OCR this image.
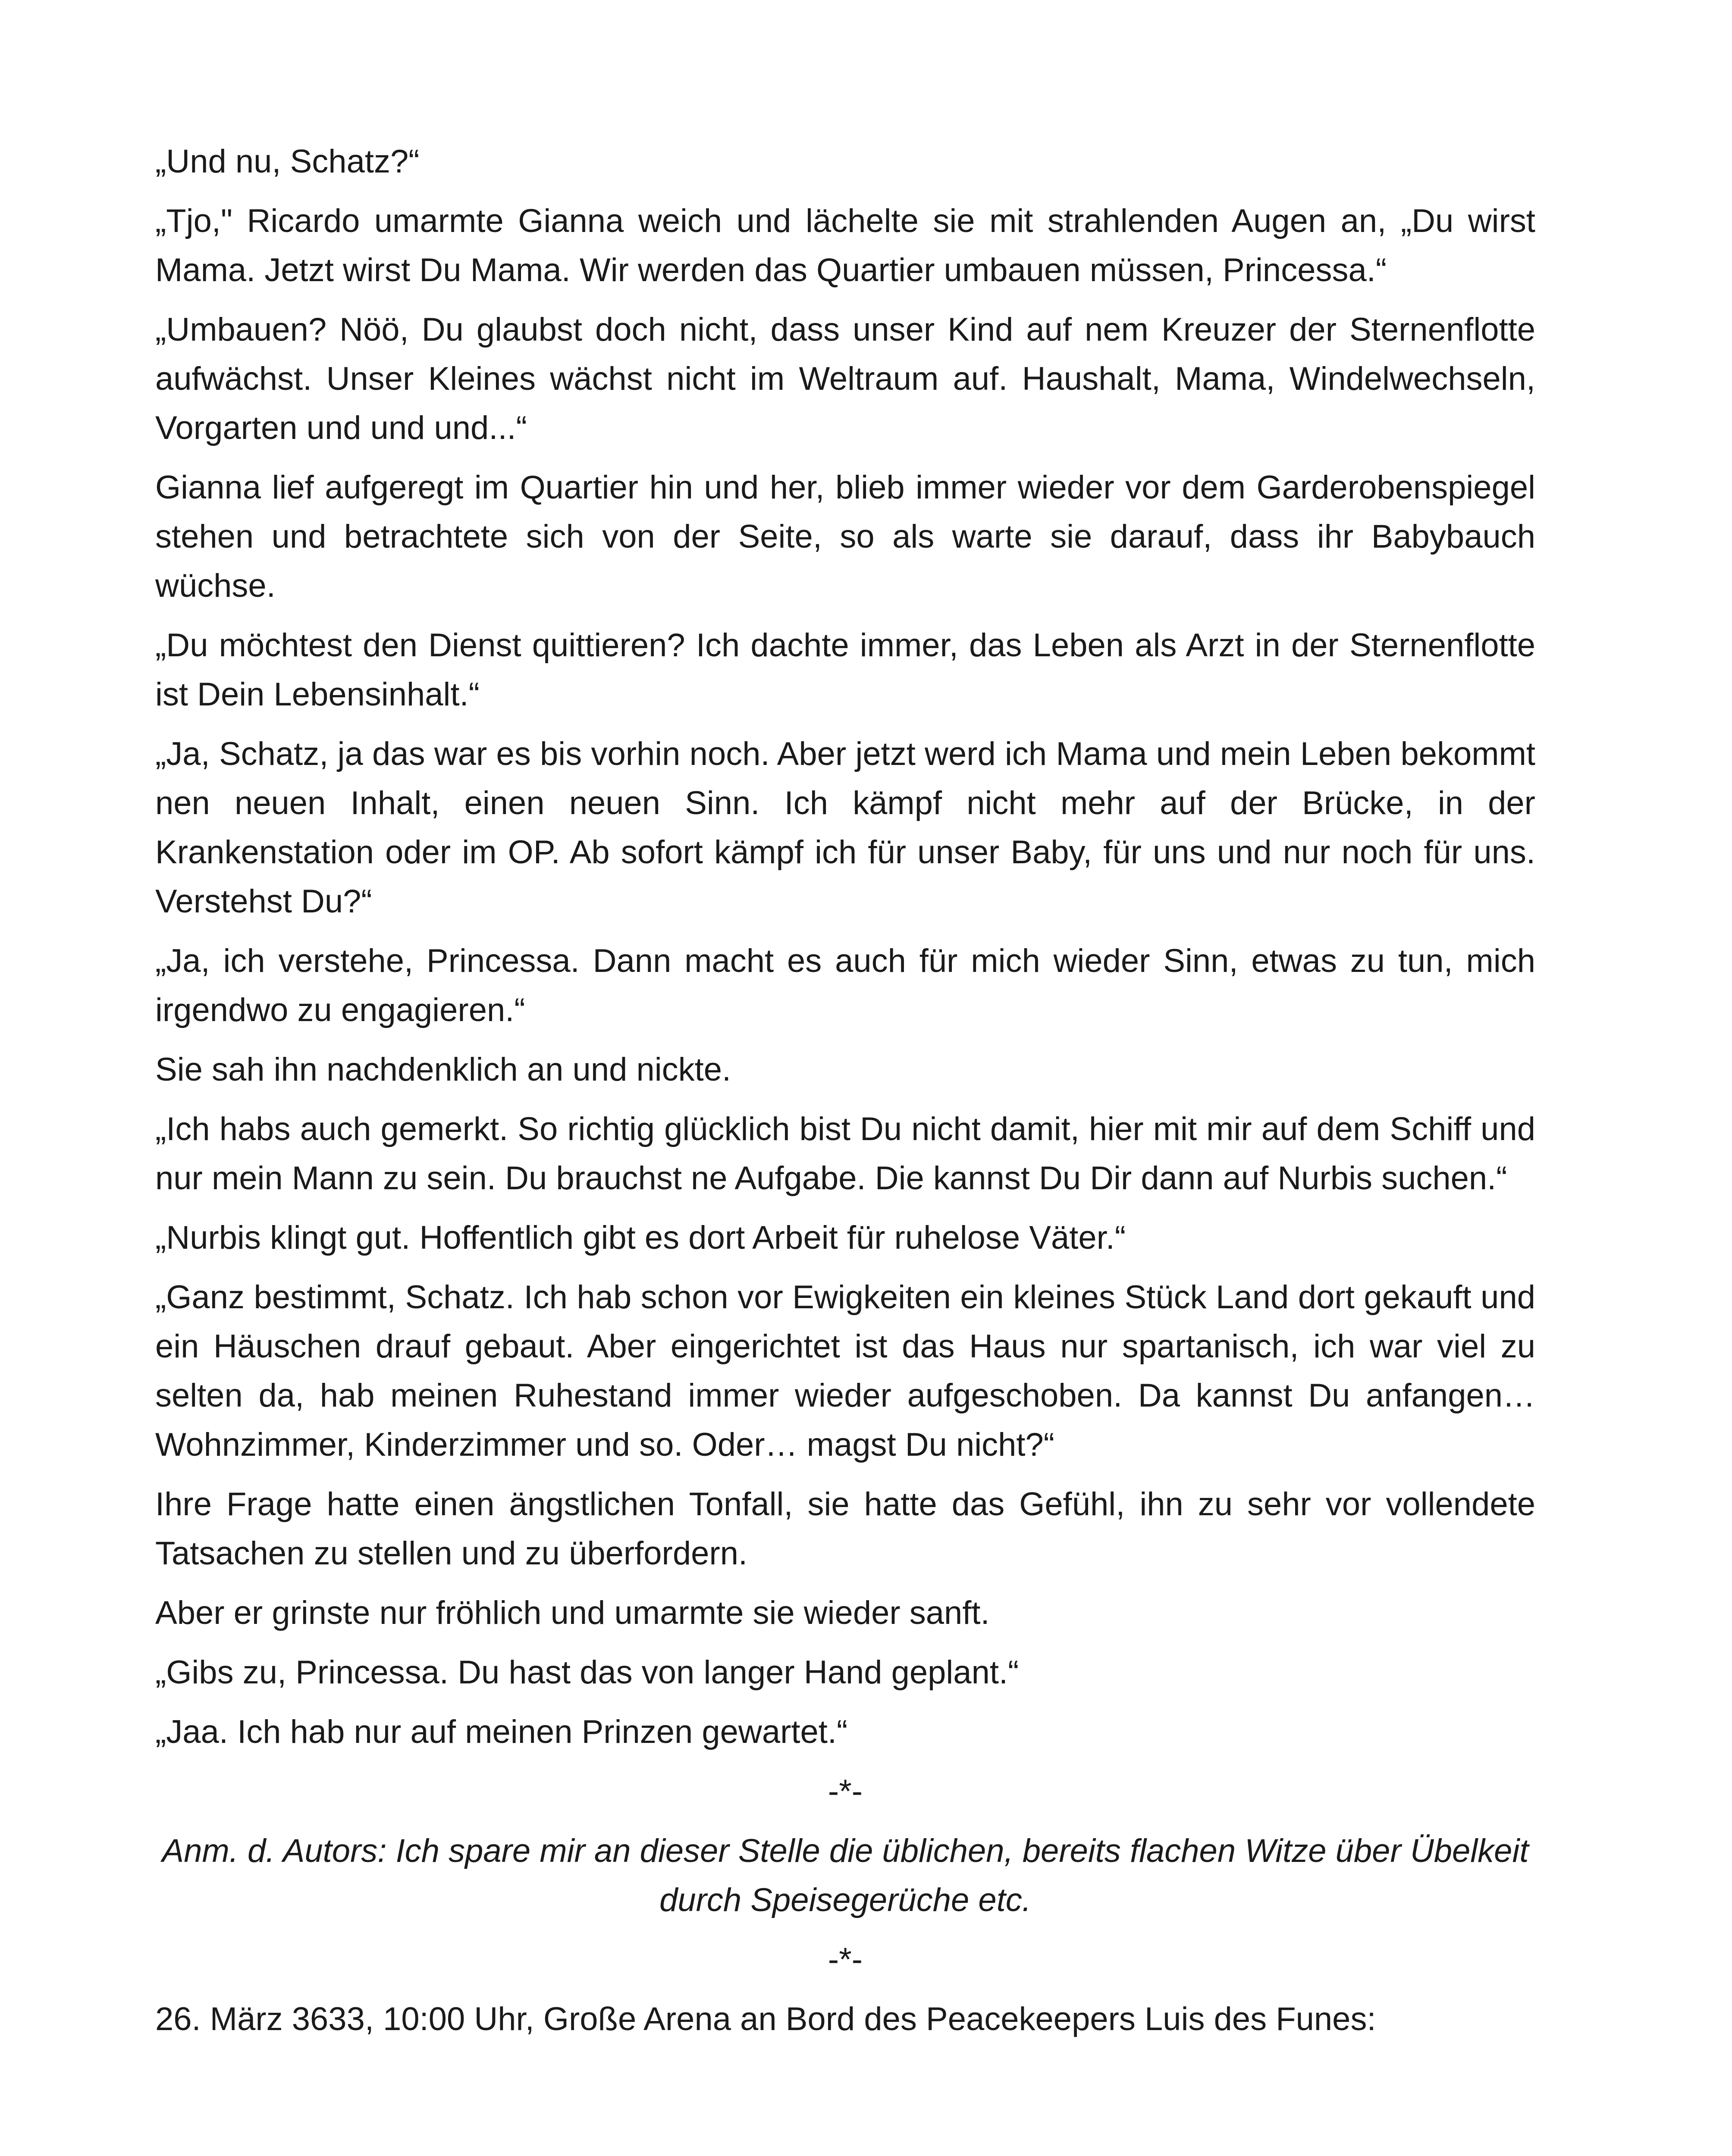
„Und nu, Schatz?“

„Tjo," Ricardo umarmte Gianna weich und lächelte sie mit strahlenden Augen an, „Du wirst Mama. Jetzt wirst Du Mama. Wir werden das Quartier umbauen müssen, Princessa.“

„Umbauen? Nöö, Du glaubst doch nicht, dass unser Kind auf nem Kreuzer der Sternenflotte aufwächst. Unser Kleines wächst nicht im Weltraum auf. Haushalt, Mama, Windelwechseln, Vorgarten und und und...“

Gianna lief aufgeregt im Quartier hin und her, blieb immer wieder vor dem Garderobenspiegel stehen und betrachtete sich von der Seite, so als warte sie darauf, dass ihr Babybauch wüchse.

„Du möchtest den Dienst quittieren? Ich dachte immer, das Leben als Arzt in der Sternenflotte ist Dein Lebensinhalt.“

„Ja, Schatz, ja das war es bis vorhin noch. Aber jetzt werd ich Mama und mein Leben bekommt nen neuen Inhalt, einen neuen Sinn. Ich kämpf nicht mehr auf der Brücke, in der Krankenstation oder im OP. Ab sofort kämpf ich für unser Baby, für uns und nur noch für uns. Verstehst Du?“

„Ja, ich verstehe, Princessa. Dann macht es auch für mich wieder Sinn, etwas zu tun, mich irgendwo zu engagieren.“

Sie sah ihn nachdenklich an und nickte.

„Ich habs auch gemerkt. So richtig glücklich bist Du nicht damit, hier mit mir auf dem Schiff und nur mein Mann zu sein. Du brauchst ne Aufgabe. Die kannst Du Dir dann auf Nurbis suchen.“

„Nurbis klingt gut. Hoffentlich gibt es dort Arbeit für ruhelose Väter.“

„Ganz bestimmt, Schatz. Ich hab schon vor Ewigkeiten ein kleines Stück Land dort gekauft und ein Häuschen drauf gebaut. Aber eingerichtet ist das Haus nur spartanisch, ich war viel zu selten da, hab meinen Ruhestand immer wieder aufgeschoben. Da kannst Du anfangen… Wohnzimmer, Kinderzimmer und so. Oder… magst Du nicht?“

Ihre Frage hatte einen ängstlichen Tonfall, sie hatte das Gefühl, ihn zu sehr vor vollendete Tatsachen zu stellen und zu überfordern.

Aber er grinste nur fröhlich und umarmte sie wieder sanft.

„Gibs zu, Princessa. Du hast das von langer Hand geplant.“

„Jaa. Ich hab nur auf meinen Prinzen gewartet.“

-*-

Anm. d. Autors: Ich spare mir an dieser Stelle die üblichen, bereits flachen Witze über Übelkeit durch Speisegerüche etc.

-*-

26. März 3633, 10:00 Uhr, Große Arena an Bord des Peacekeepers Luis des Funes:
